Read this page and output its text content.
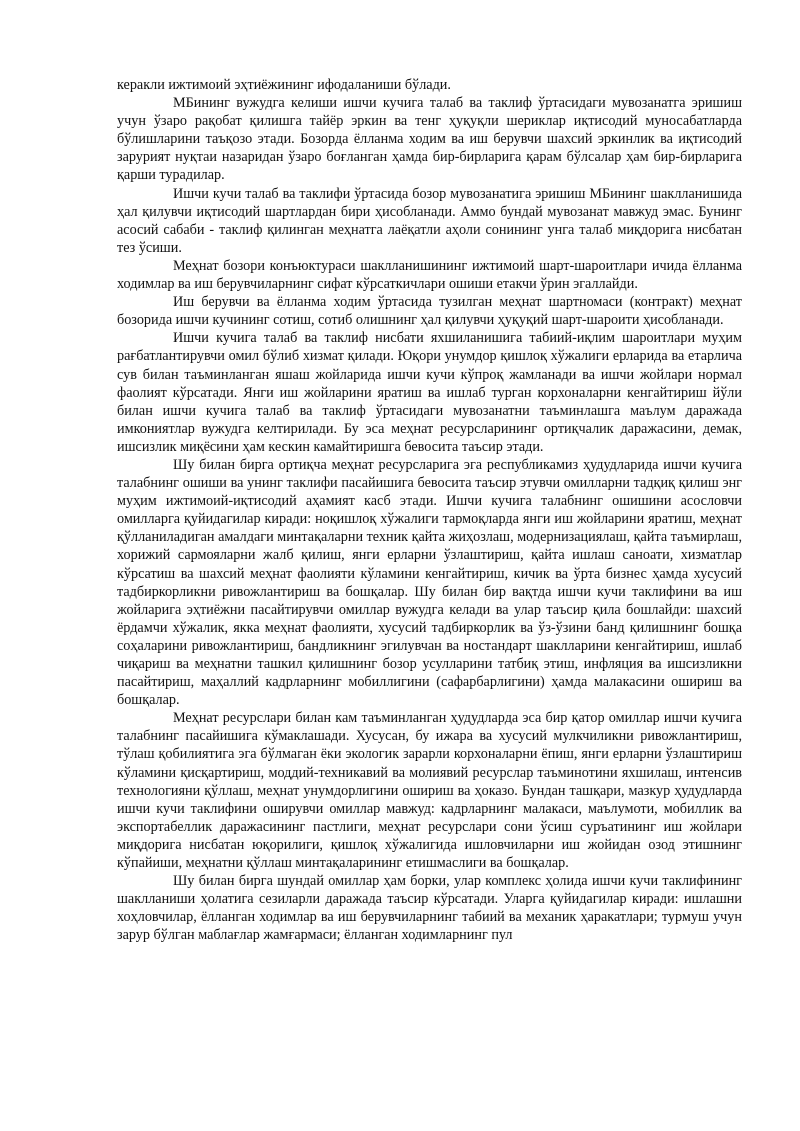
керакли ижтимоий эҳтиёжининг ифодаланиши бўлади.

МБининг вужудга келиши ишчи кучига талаб ва таклиф ўртасидаги мувозанатга эришиш учун ўзаро рақобат қилишга тайёр эркин ва тенг ҳуқуқли шериклар иқтисодий муносабатларда бўлишларини таъқозо этади. Бозорда ёлланма ходим ва иш берувчи шахсий эркинлик ва иқтисодий зарурият нуқтаи назаридан ўзаро боғланган ҳамда бир-бирларига қарам бўлсалар ҳам бир-бирларига қарши турадилар.

Ишчи кучи талаб ва таклифи ўртасида бозор мувозанатига эришиш МБининг шаклланишида ҳал қилувчи иқтисодий шартлардан бири ҳисобланади. Аммо бундай мувозанат мавжуд эмас. Бунинг асосий сабаби - таклиф қилинган меҳнатга лаёқатли аҳоли сонининг унга талаб миқдорига нисбатан тез ўсиши.

Меҳнат бозори конъюктураси шаклланишининг ижтимоий шарт-шароитлари ичида ёлланма ходимлар ва иш берувчиларнинг сифат кўрсаткичлари ошиши етакчи ўрин эгаллайди.

Иш берувчи ва ёлланма ходим ўртасида тузилган меҳнат шартномаси (контракт) меҳнат бозорида ишчи кучининг сотиш, сотиб олишнинг ҳал қилувчи ҳуқуқий шарт-шароити ҳисобланади.

Ишчи кучига талаб ва таклиф нисбати яхшиланишига табиий-иқлим шароитлари муҳим рағбатлантирувчи омил бўлиб хизмат қилади. Юқори унумдор қишлоқ хўжалиги ерларида ва етарлича сув билан таъминланган яшаш жойларида ишчи кучи кўпроқ жамланади ва ишчи жойлари нормал фаолият кўрсатади. Янги иш жойларини яратиш ва ишлаб турган корхоналарни кенгайтириш йўли билан ишчи кучига талаб ва таклиф ўртасидаги мувозанатни таъминлашга маълум даражада имкониятлар вужудга келтирилади. Бу эса меҳнат ресурсларининг ортиқчалик даражасини, демак, ишсизлик миқёсини ҳам кескин камайтиришга бевосита таъсир этади.

Шу билан бирга ортиқча меҳнат ресурсларига эга республикамиз ҳудудларида ишчи кучига талабнинг ошиши ва унинг таклифи пасайишига бевосита таъсир этувчи омилларни тадқиқ қилиш энг муҳим ижтимоий-иқтисодий аҳамият касб этади. Ишчи кучига талабнинг ошишини асословчи омилларга қуйидагилар киради: ноқишлоқ хўжалиги тармоқларда янги иш жойларини яратиш, меҳнат қўлланиладиган амалдаги минтақаларни техник қайта жиҳозлаш, модернизациялаш, қайта таъмирлаш, хорижий сармояларни жалб қилиш, янги ерларни ўзлаштириш, қайта ишлаш саноати, хизматлар кўрсатиш ва шахсий меҳнат фаолияти кўламини кенгайтириш, кичик ва ўрта бизнес ҳамда хусусий тадбиркорликни ривожлантириш ва бошқалар. Шу билан бир вақтда ишчи кучи таклифини ва иш жойларига эҳтиёжни пасайтирувчи омиллар вужудга келади ва улар таъсир қила бошлайди: шахсий ёрдамчи хўжалик, якка меҳнат фаолияти, хусусий тадбиркорлик ва ўз-ўзини банд қилишнинг бошқа соҳаларини ривожлантириш, бандликнинг эгилувчан ва ностандарт шаклларини кенгайтириш, ишлаб чиқариш ва меҳнатни ташкил қилишнинг бозор усулларини татбиқ этиш, инфляция ва ишсизликни пасайтириш, маҳаллий кадрларнинг мобиллигини (сафарбарлигини) ҳамда малакасини ошириш ва бошқалар.

Меҳнат ресурслари билан кам таъминланган ҳудудларда эса бир қатор омиллар ишчи кучига талабнинг пасайишига кўмаклашади. Хусусан, бу ижара ва хусусий мулкчиликни ривожлантириш, тўлаш қобилиятига эга бўлмаган ёки экологик зарарли корхоналарни ёпиш, янги ерларни ўзлаштириш кўламини қисқартириш, моддий-техникавий ва молиявий ресурслар таъминотини яхшилаш, интенсив технологияни қўллаш, меҳнат унумдорлигини ошириш ва ҳоказо. Бундан ташқари, мазкур ҳудудларда ишчи кучи таклифини оширувчи омиллар мавжуд: кадрларнинг малакаси, маълумоти, мобиллик ва экспортабеллик даражасининг пастлиги, меҳнат ресурслари сони ўсиш суръатининг иш жойлари миқдорига нисбатан юқорилиги, қишлоқ хўжалигида ишловчиларни иш жойидан озод этишнинг кўпайиши, меҳнатни қўллаш минтақаларининг етишмаслиги ва бошқалар.

Шу билан бирга шундай омиллар ҳам борки, улар комплекс ҳолида ишчи кучи таклифининг шаклланиши ҳолатига сезиларли даражада таъсир кўрсатади. Уларга қуйидагилар киради: ишлашни хоҳловчилар, ёлланган ходимлар ва иш берувчиларнинг табиий ва механик ҳаракатлари; турмуш учун зарур бўлган маблағлар жамғармаси; ёлланган ходимларнинг пул
